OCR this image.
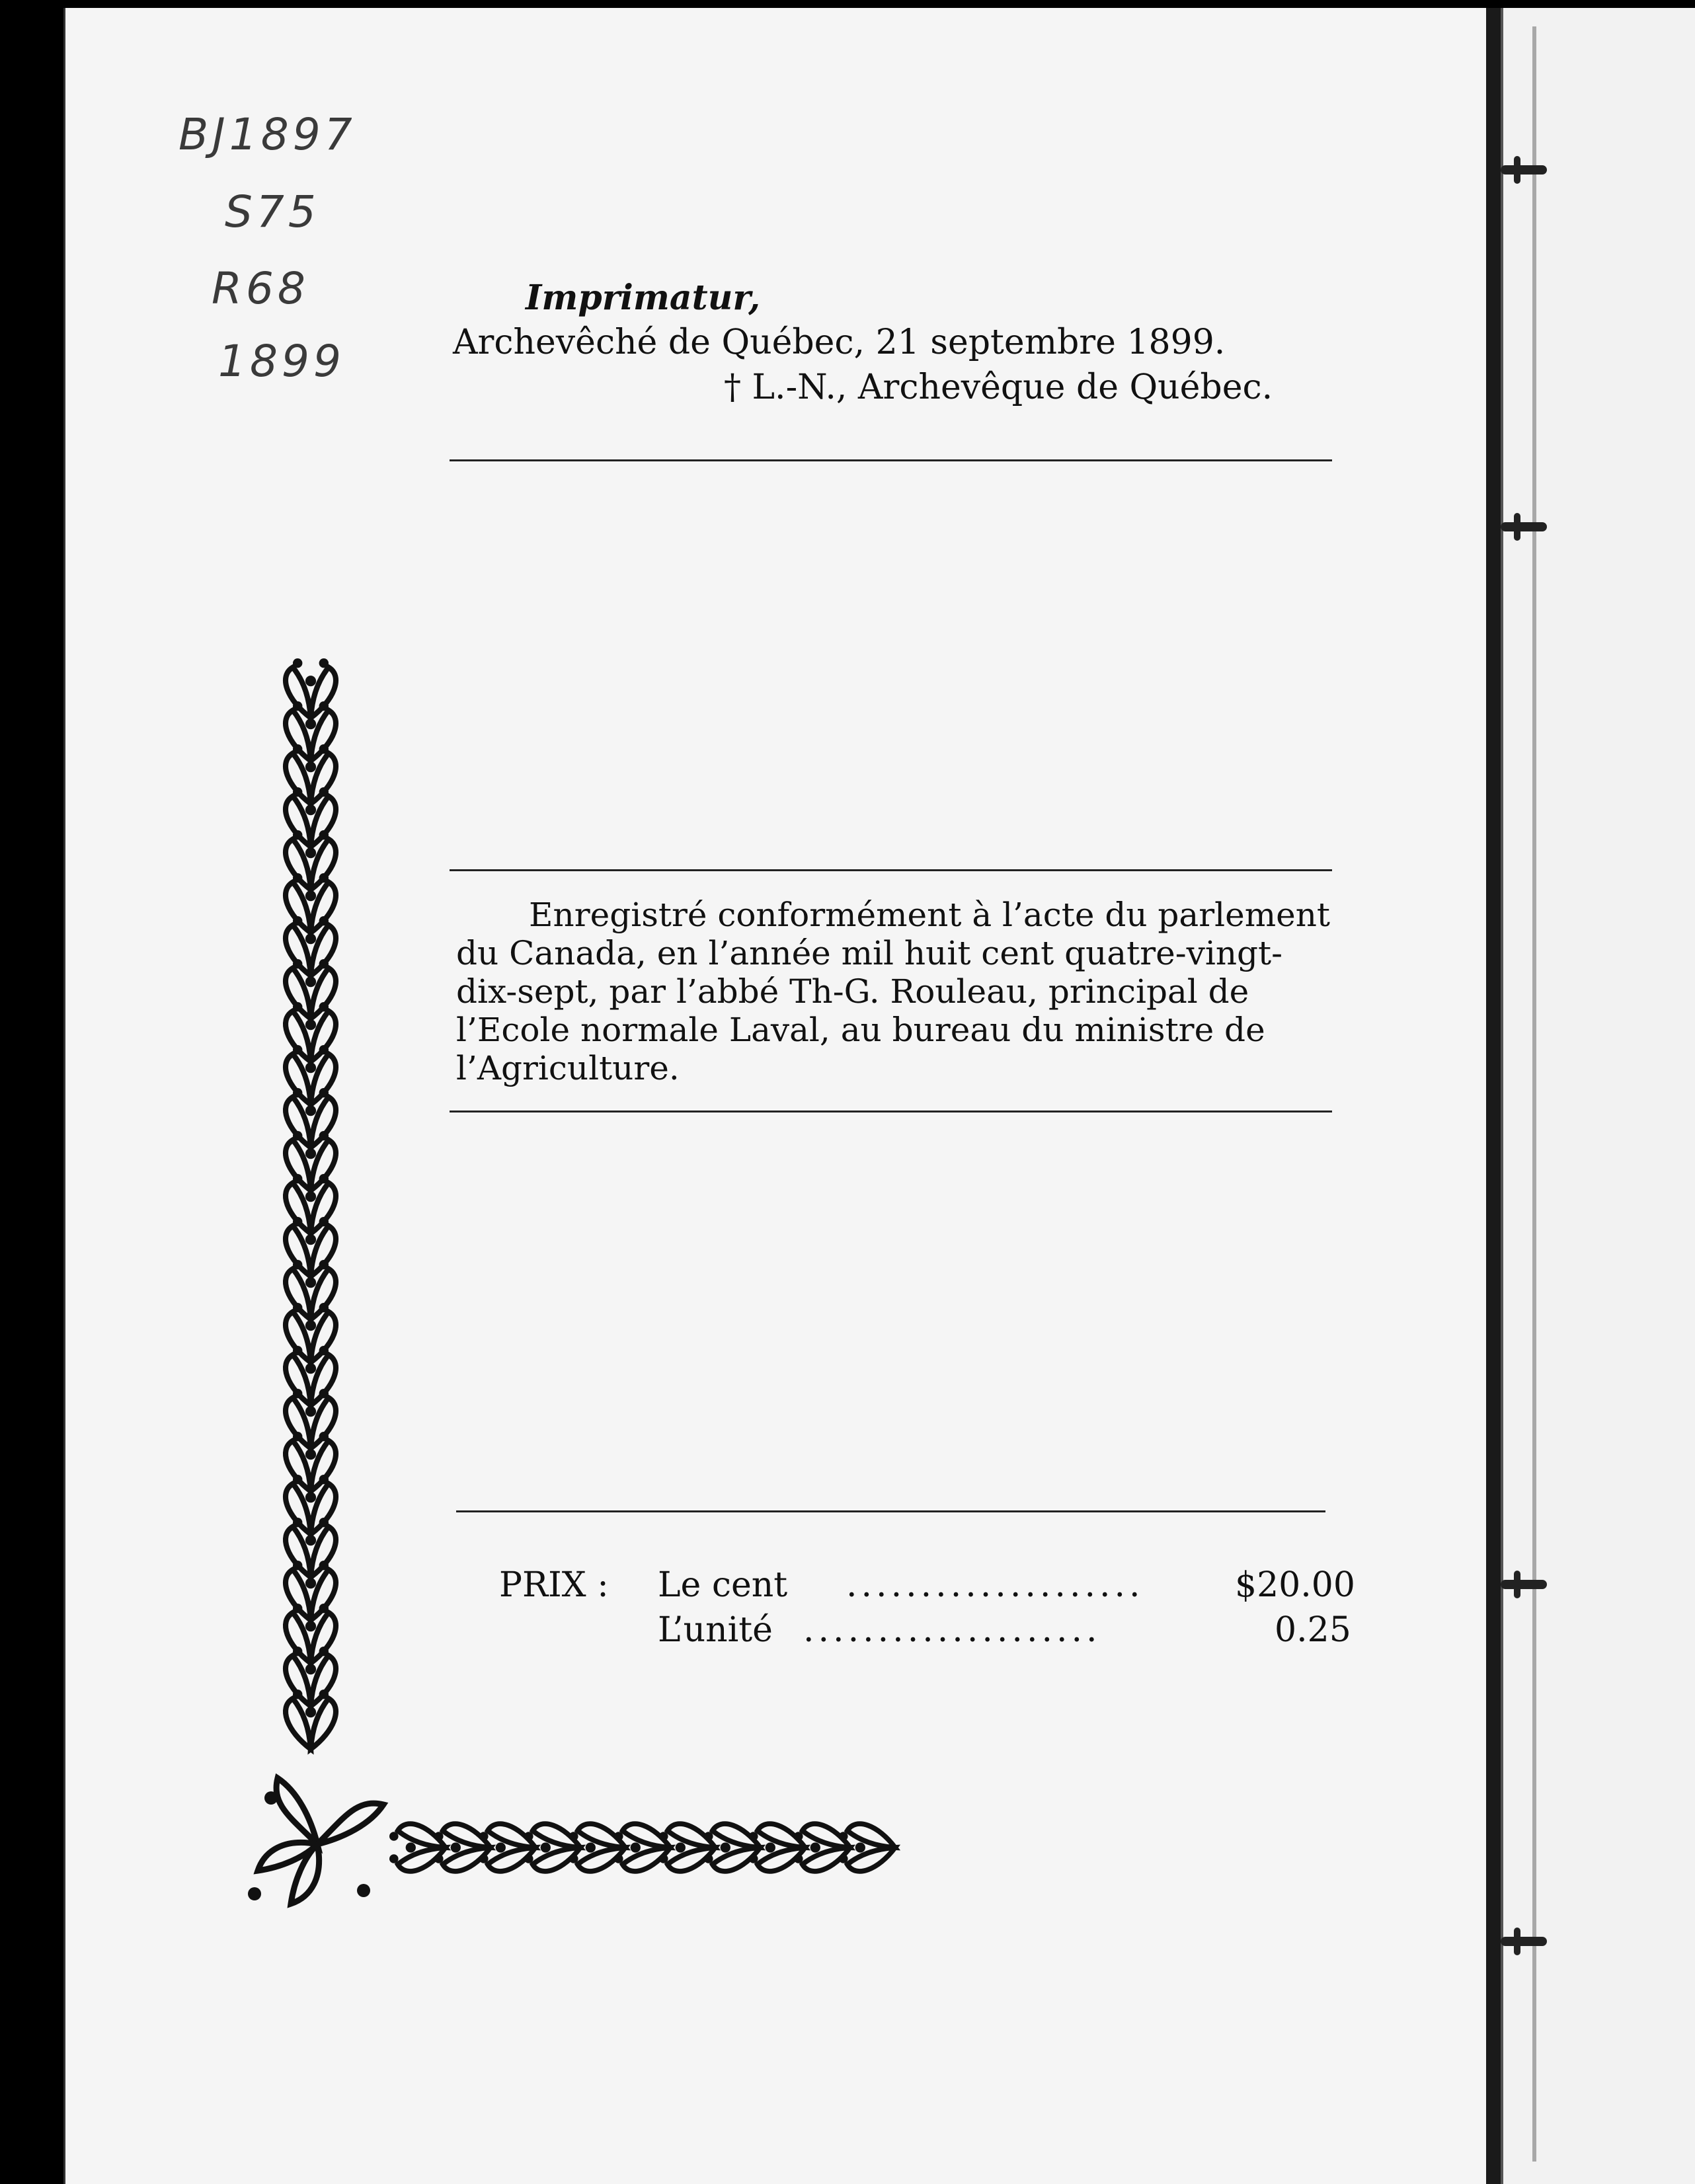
BJ1897
S75
R68
1899
Imprimatur,
Archevêché de Québec, 21 septembre 1899.
† L.-N., Archevêque de Québec.
Enregistré conformément à l’acte du parlement
du Canada, en l’année mil huit cent quatre-vingt-
dix-sept, par l’abbé Th-G. Rouleau, principal de
l’Ecole normale Laval, au bureau du ministre de
l’Agriculture.
PRIX : Le cent ....................	$20.00
L’unité ....................	0.25
